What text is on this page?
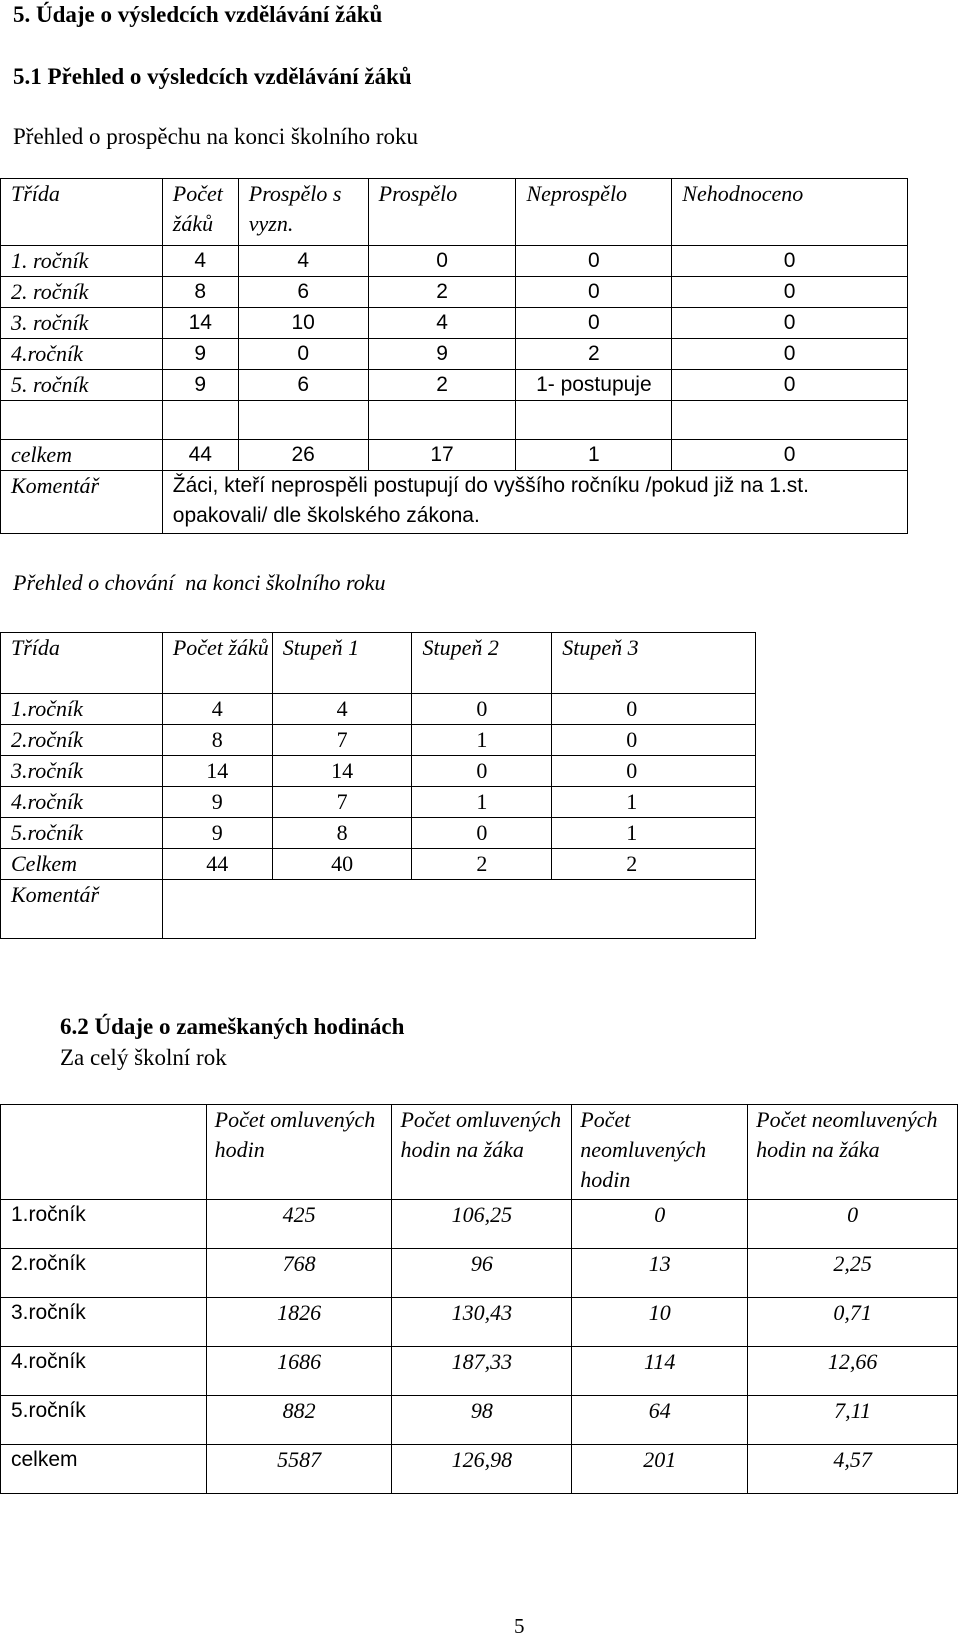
5. Údaje o výsledcích vzdělávání žáků
5.1 Přehled o výsledcích vzdělávání žáků
Přehled o prospěchu na konci školního roku
Třída	Počet žáků	Prospělo s vyzn.	Prospělo	Neprospělo	Nehodnoceno
1. ročník	4	4	0	0	0
2. ročník	8	6	2	0	0
3. ročník	14	10	4	0	0
4.ročník	9	0	9	2	0
5. ročník	9	6	2	1- postupuje	0

celkem	44	26	17	1	0
Komentář	Žáci, kteří neprospěli postupují do vyššího ročníku /pokud již na 1.st. opakovali/ dle školského zákona.				
Přehled o chování  na konci školního roku
Třída	Počet žáků	Stupeň 1	Stupeň 2	Stupeň 3
1.ročník	4	4	0	0
2.ročník	8	7	1	0
3.ročník	14	14	0	0
4.ročník	9	7	1	1
5.ročník	9	8	0	1
Celkem	44	40	2	2
Komentář				
6.2 Údaje o zameškaných hodinách
Za celý školní rok
	Počet omluvených hodin	Počet omluvených hodin na žáka	Počet neomluvených hodin	Počet neomluvených hodin na žáka
1.ročník	425	106,25	0	0
2.ročník	768	96	13	2,25
3.ročník	1826	130,43	10	0,71
4.ročník	1686	187,33	114	12,66
5.ročník	882	98	64	7,11
celkem	5587	126,98	201	4,57
5
